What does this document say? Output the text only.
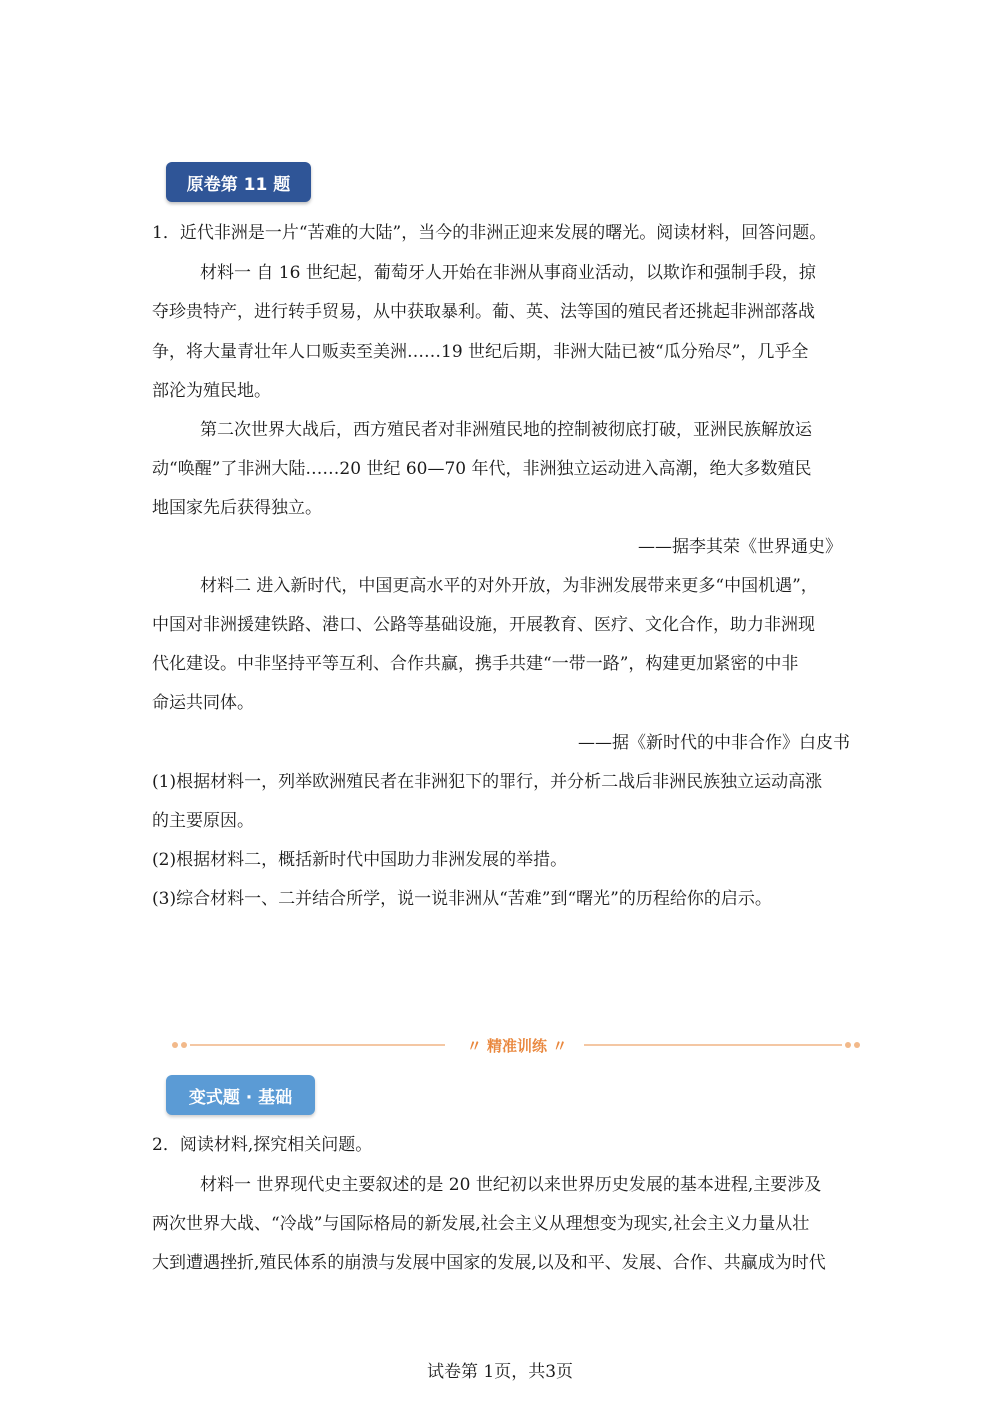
原卷第 11 题
1．近代非洲是一片“苦难的大陆”，当今的非洲正迎来发展的曙光。阅读材料，回答问题。
材料一 自 16 世纪起，葡萄牙人开始在非洲从事商业活动，以欺诈和强制手段，掠
夺珍贵特产，进行转手贸易，从中获取暴利。葡、英、法等国的殖民者还挑起非洲部落战
争，将大量青壮年人口贩卖至美洲……19 世纪后期，非洲大陆已被“瓜分殆尽”，几乎全
部沦为殖民地。
第二次世界大战后，西方殖民者对非洲殖民地的控制被彻底打破，亚洲民族解放运
动“唤醒”了非洲大陆……20 世纪 60—70 年代，非洲独立运动进入高潮，绝大多数殖民
地国家先后获得独立。
——据李其荣《世界通史》
材料二 进入新时代，中国更高水平的对外开放，为非洲发展带来更多“中国机遇”，
中国对非洲援建铁路、港口、公路等基础设施，开展教育、医疗、文化合作，助力非洲现
代化建设。中非坚持平等互利、合作共赢，携手共建“一带一路”，构建更加紧密的中非
命运共同体。
——据《新时代的中非合作》白皮书
(1)根据材料一，列举欧洲殖民者在非洲犯下的罪行，并分析二战后非洲民族独立运动高涨
的主要原因。
(2)根据材料二，概括新时代中国助力非洲发展的举措。
(3)综合材料一、二并结合所学，说一说非洲从“苦难”到“曙光”的历程给你的启示。
〃 精准训练 〃
变式题 · 基础
2．阅读材料,探究相关问题。
材料一 世界现代史主要叙述的是 20 世纪初以来世界历史发展的基本进程,主要涉及
两次世界大战、“冷战”与国际格局的新发展,社会主义从理想变为现实,社会主义力量从壮
大到遭遇挫折,殖民体系的崩溃与发展中国家的发展,以及和平、发展、合作、共赢成为时代
试卷第 1页，共3页
